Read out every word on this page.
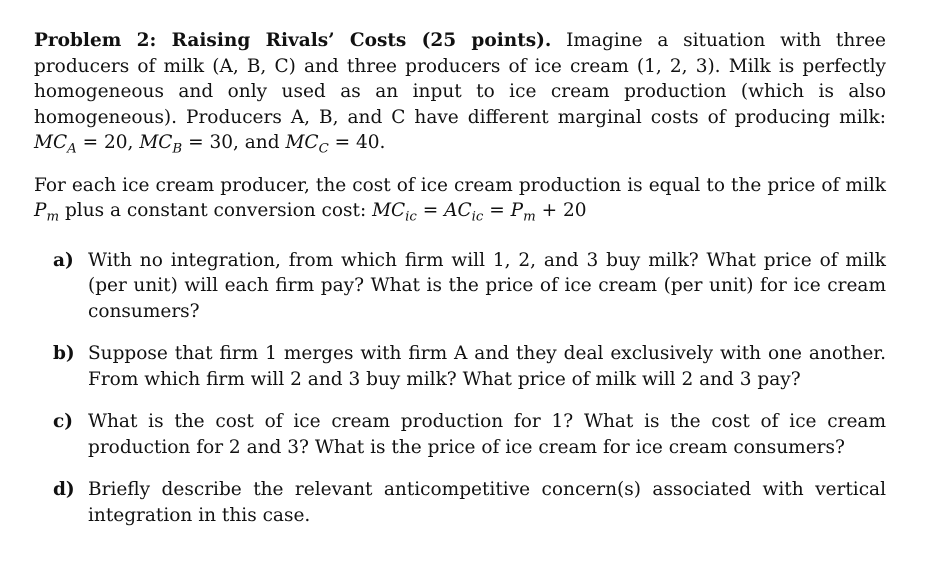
Problem 2: Raising Rivals’ Costs (25 points). Imagine a situation with three producers of milk (A, B, C) and three producers of ice cream (1, 2, 3). Milk is perfectly homogeneous and only used as an input to ice cream production (which is also homogeneous). Producers A, B, and C have different marginal costs of producing milk: $MC_A = 20$, $MC_B = 30$, and $MC_C = 40$.

For each ice cream producer, the cost of ice cream production is equal to the price of milk $P_m$ plus a constant conversion cost: $MC_{ic} = AC_{ic} = P_m + 20$

a) With no integration, from which firm will 1, 2, and 3 buy milk? What price of milk (per unit) will each firm pay? What is the price of ice cream (per unit) for ice cream consumers?
b) Suppose that firm 1 merges with firm A and they deal exclusively with one another. From which firm will 2 and 3 buy milk? What price of milk will 2 and 3 pay?
c) What is the cost of ice cream production for 1? What is the cost of ice cream production for 2 and 3? What is the price of ice cream for ice cream consumers?
d) Briefly describe the relevant anticompetitive concern(s) associated with vertical integration in this case.
